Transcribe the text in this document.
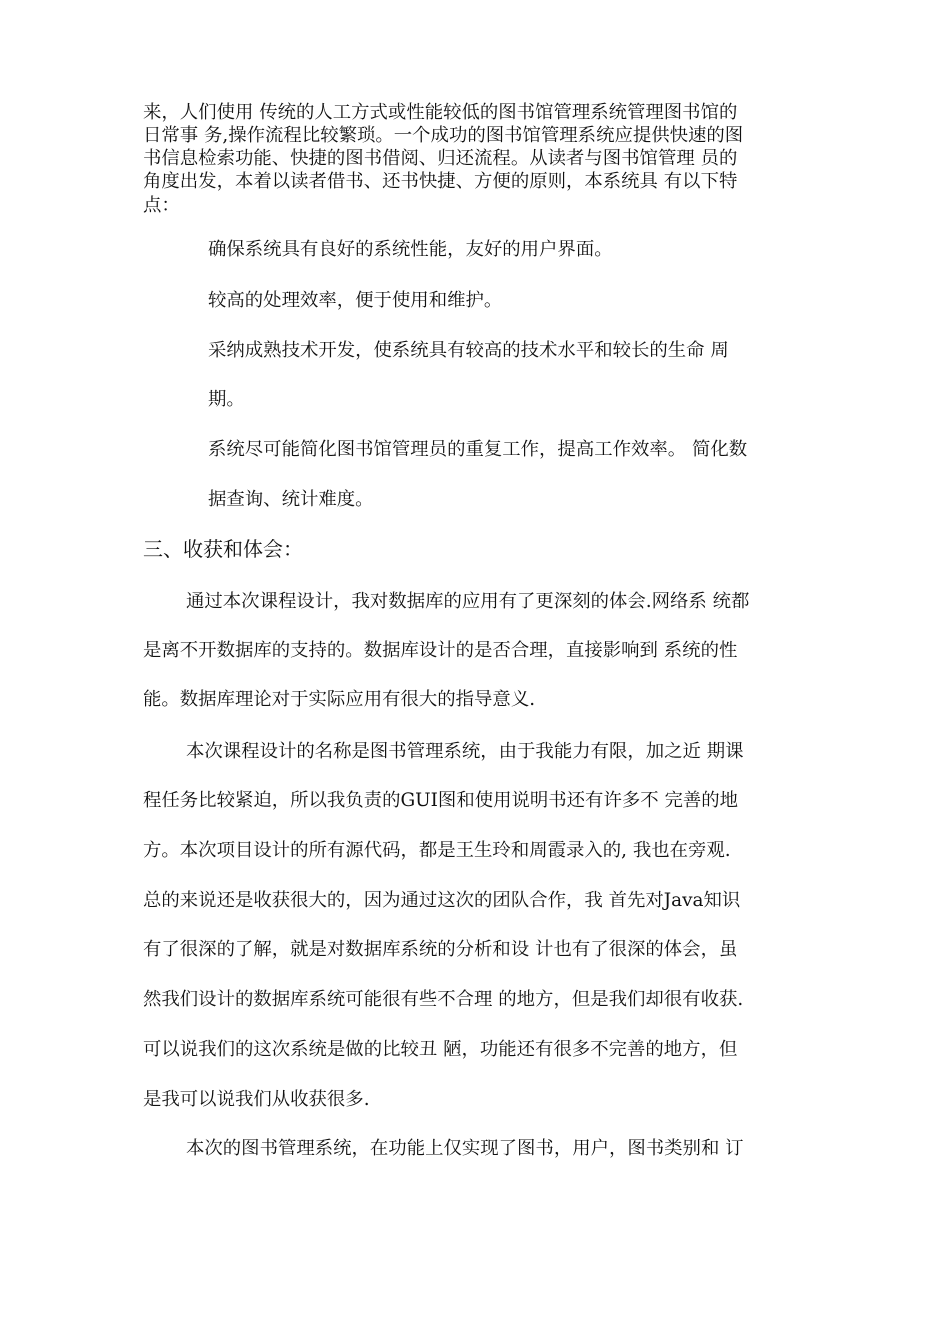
来，人们使用 传统的人工方式或性能较低的图书馆管理系统管理图书馆的
日常事 务,操作流程比较繁琐。一个成功的图书馆管理系统应提供快速的图
书信息检索功能、快捷的图书借阅、归还流程。从读者与图书馆管理 员的
角度出发，本着以读者借书、还书快捷、方便的原则，本系统具 有以下特
点：
确保系统具有良好的系统性能，友好的用户界面。
较高的处理效率，便于使用和维护。
采纳成熟技术开发，使系统具有较高的技术水平和较长的生命 周
期。
系统尽可能简化图书馆管理员的重复工作，提高工作效率。 简化数
据查询、统计难度。
三、收获和体会：
通过本次课程设计，我对数据库的应用有了更深刻的体会.网络系 统都
是离不开数据库的支持的。数据库设计的是否合理，直接影响到 系统的性
能。数据库理论对于实际应用有很大的指导意义.
本次课程设计的名称是图书管理系统，由于我能力有限，加之近 期课
程任务比较紧迫，所以我负责的GUI图和使用说明书还有许多不 完善的地
方。本次项目设计的所有源代码，都是王生玲和周霞录入的, 我也在旁观.
总的来说还是收获很大的，因为通过这次的团队合作，我 首先对Java知识
有了很深的了解，就是对数据库系统的分析和设 计也有了很深的体会，虽
然我们设计的数据库系统可能很有些不合理 的地方，但是我们却很有收获.
可以说我们的这次系统是做的比较丑 陋，功能还有很多不完善的地方，但
是我可以说我们从收获很多.
本次的图书管理系统，在功能上仅实现了图书，用户，图书类别和 订
